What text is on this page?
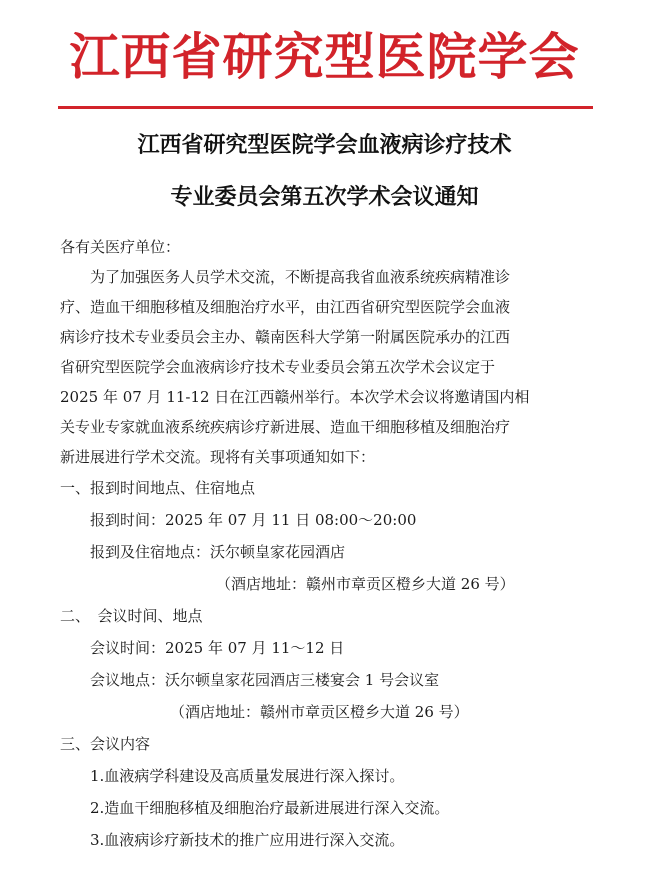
江西省研究型医院学会
江西省研究型医院学会血液病诊疗技术
专业委员会第五次学术会议通知
各有关医疗单位：
为了加强医务人员学术交流，不断提高我省血液系统疾病精准诊
疗、造血干细胞移植及细胞治疗水平，由江西省研究型医院学会血液
病诊疗技术专业委员会主办、赣南医科大学第一附属医院承办的江西
省研究型医院学会血液病诊疗技术专业委员会第五次学术会议定于
2025 年 07 月 11-12 日在江西赣州举行。本次学术会议将邀请国内相
关专业专家就血液系统疾病诊疗新进展、造血干细胞移植及细胞治疗
新进展进行学术交流。现将有关事项通知如下：
一、报到时间地点、住宿地点
报到时间：2025 年 07 月 11 日 08:00～20:00
报到及住宿地点：沃尔顿皇家花园酒店
（酒店地址：赣州市章贡区橙乡大道 26 号）
二、　会议时间、地点
会议时间：2025 年 07 月 11～12 日
会议地点：沃尔顿皇家花园酒店三楼宴会 1 号会议室
（酒店地址：赣州市章贡区橙乡大道 26 号）
三、会议内容
1.血液病学科建设及高质量发展进行深入探讨。
2.造血干细胞移植及细胞治疗最新进展进行深入交流。
3.血液病诊疗新技术的推广应用进行深入交流。
